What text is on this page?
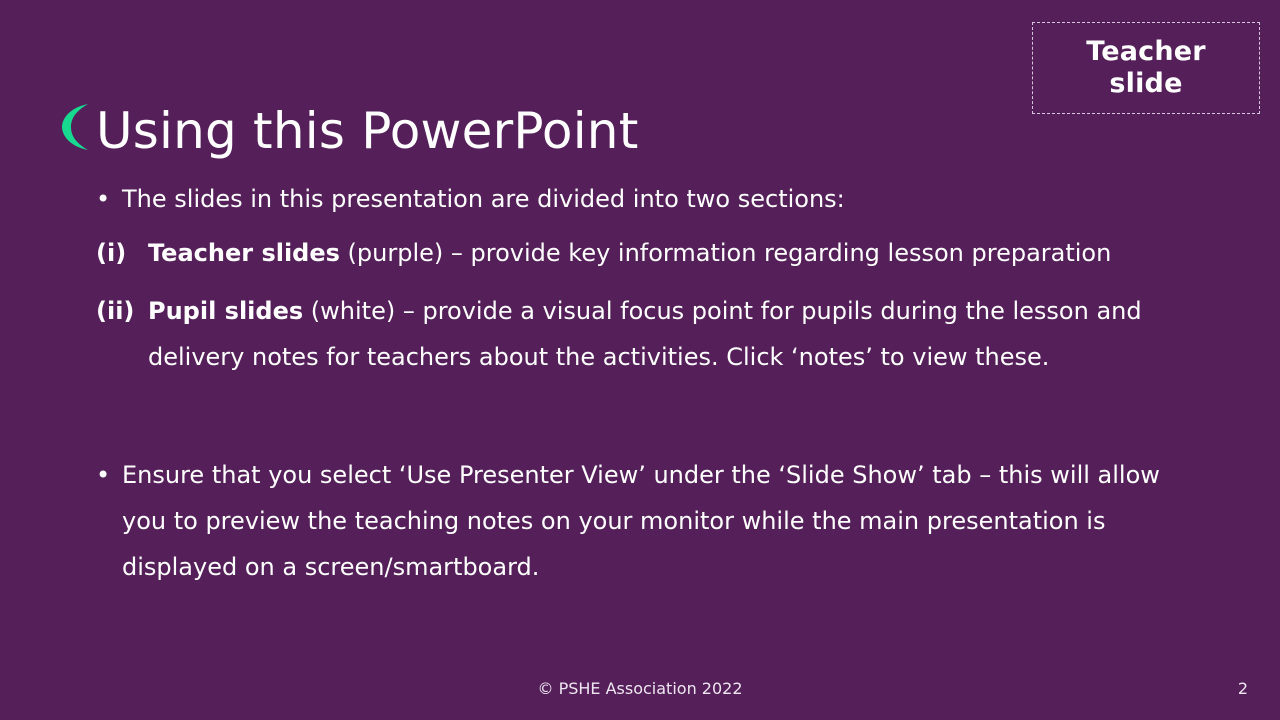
Teacher
slide
Using this PowerPoint
• The slides in this presentation are divided into two sections:
(i) Teacher slides (purple) – provide key information regarding lesson preparation
(ii) Pupil slides (white) – provide a visual focus point for pupils during the lesson and delivery notes for teachers about the activities. Click ‘notes’ to view these.
• Ensure that you select ‘Use Presenter View’ under the ‘Slide Show’ tab – this will allow you to preview the teaching notes on your monitor while the main presentation is displayed on a screen/smartboard.
© PSHE Association 2022	2
